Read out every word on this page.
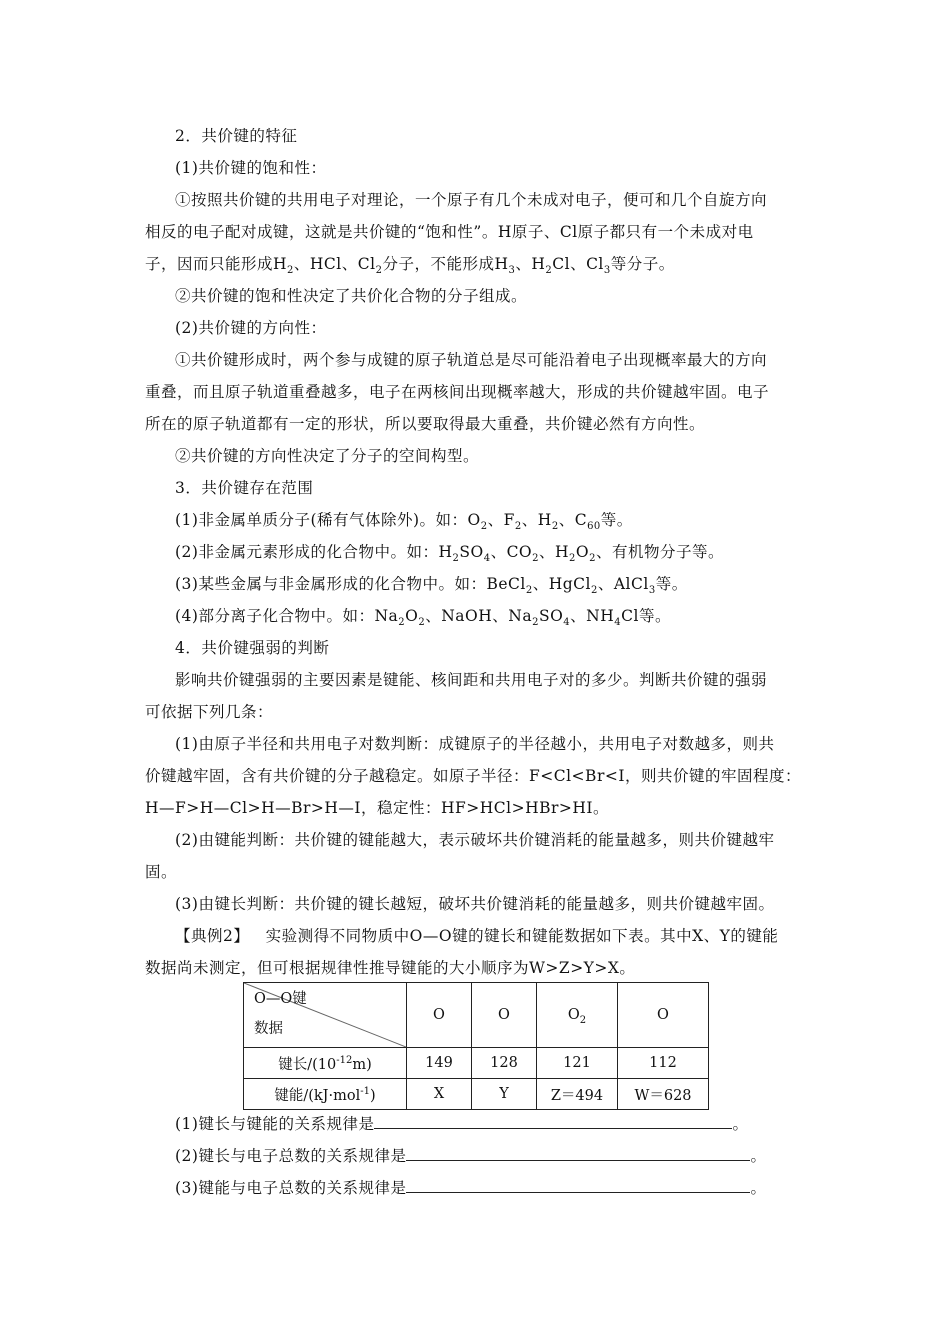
2．共价键的特征
(1)共价键的饱和性：
①按照共价键的共用电子对理论，一个原子有几个未成对电子，便可和几个自旋方向
相反的电子配对成键，这就是共价键的“饱和性”。H原子、Cl原子都只有一个未成对电
子，因而只能形成$H_2$、HCl、$Cl_2$分子，不能形成$H_3$、$H_2Cl$、$Cl_3$等分子。
②共价键的饱和性决定了共价化合物的分子组成。
(2)共价键的方向性：
①共价键形成时，两个参与成键的原子轨道总是尽可能沿着电子出现概率最大的方向
重叠，而且原子轨道重叠越多，电子在两核间出现概率越大，形成的共价键越牢固。电子
所在的原子轨道都有一定的形状，所以要取得最大重叠，共价键必然有方向性。
②共价键的方向性决定了分子的空间构型。
3．共价键存在范围
(1)非金属单质分子(稀有气体除外)。如：$O_2$、$F_2$、$H_2$、$C_{60}$等。
(2)非金属元素形成的化合物中。如：$H_2SO_4$、$CO_2$、$H_2O_2$、有机物分子等。
(3)某些金属与非金属形成的化合物中。如：BeCl$_2$、HgCl$_2$、AlCl$_3$等。
(4)部分离子化合物中。如：$Na_2O_2$、NaOH、$Na_2SO_4$、$NH_4Cl$等。
4．共价键强弱的判断
影响共价键强弱的主要因素是键能、核间距和共用电子对的多少。判断共价键的强弱
可依据下列几条：
(1)由原子半径和共用电子对数判断：成键原子的半径越小，共用电子对数越多，则共
价键越牢固，含有共价键的分子越稳定。如原子半径：F<Cl<Br<I，则共价键的牢固程度：
H—F>H—Cl>H—Br>H—I，稳定性：HF>HCl>HBr>HI。
(2)由键能判断：共价键的键能越大，表示破坏共价键消耗的能量越多，则共价键越牢
固。
(3)由键长判断：共价键的键长越短，破坏共价键消耗的能量越多，则共价键越牢固。
【典例2】 实验测得不同物质中O—O键的键长和键能数据如下表。其中X、Y的键能
数据尚未测定，但可根据规律性推导键能的大小顺序为W>Z>Y>X。
O—O键
数据	O	O	$O_2$	O
键长$/(10^{-12}m)$	149	128	121	112
键能/(kJ·mol$^{-1}$)	X	Y	Z＝494	W＝628
(1)键长与键能的关系规律是	。
(2)键长与电子总数的关系规律是	。
(3)键能与电子总数的关系规律是	。
